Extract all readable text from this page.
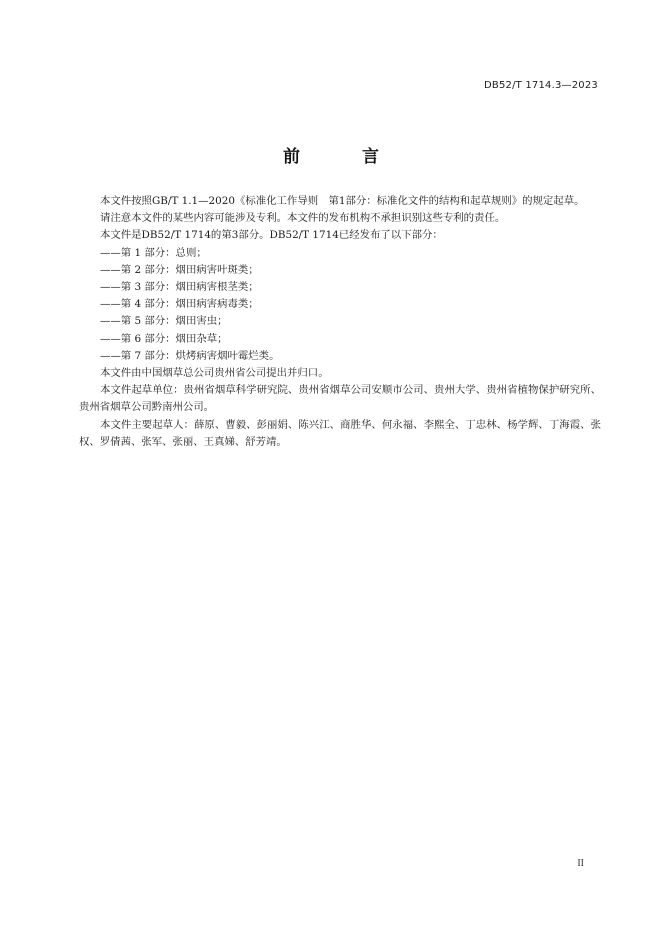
DB52/T 1714.3—2023
前 言

本文件按照GB/T 1.1—2020《标准化工作导则　第1部分：标准化文件的结构和起草规则》的规定起草。

请注意本文件的某些内容可能涉及专利。本文件的发布机构不承担识别这些专利的责任。

本文件是DB52/T 1714的第3部分。DB52/T 1714已经发布了以下部分：

——第 1 部分：总则；

——第 2 部分：烟田病害叶斑类；

——第 3 部分：烟田病害根茎类；

——第 4 部分：烟田病害病毒类；

——第 5 部分：烟田害虫；

——第 6 部分：烟田杂草；

——第 7 部分：烘烤病害烟叶霉烂类。

本文件由中国烟草总公司贵州省公司提出并归口。

本文件起草单位：贵州省烟草科学研究院、贵州省烟草公司安顺市公司、贵州大学、贵州省植物保护研究所、贵州省烟草公司黔南州公司。

本文件主要起草人：薛原、曹毅、彭丽娟、陈兴江、商胜华、何永福、李熙全、丁忠林、杨学辉、丁海霞、张权、罗倩茜、张军、张丽、王真娣、舒芳靖。

II
